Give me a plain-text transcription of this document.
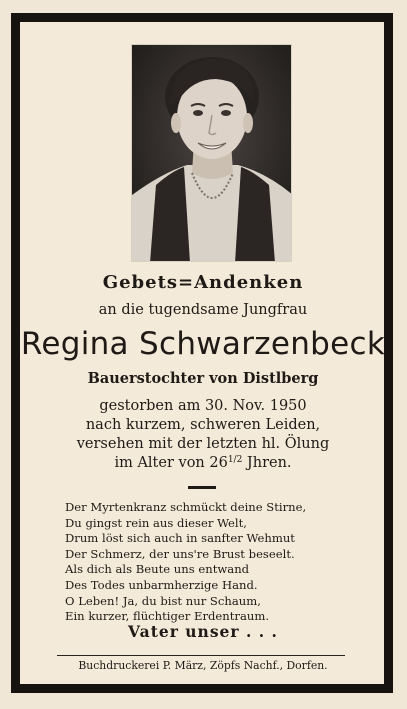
Gebets=Andenken
an die tugendsame Jungfrau
Regina Schwarzenbeck
Bauerstochter von Distlberg
gestorben am 30. Nov. 1950
nach kurzem, schweren Leiden,
versehen mit der letzten hl. Ölung
im Alter von $26^{1/2}$ Jhren.
Der Myrtenkranz schmückt deine Stirne,
Du gingst rein aus dieser Welt,
Drum löst sich auch in sanfter Wehmut
Der Schmerz, der uns're Brust beseelt.
Als dich als Beute uns entwand
Des Todes unbarmherzige Hand.
O Leben! Ja, du bist nur Schaum,
Ein kurzer, flüchtiger Erdentraum.
Vater unser . . .
Buchdruckerei P. März, Zöpfs Nachf., Dorfen.
